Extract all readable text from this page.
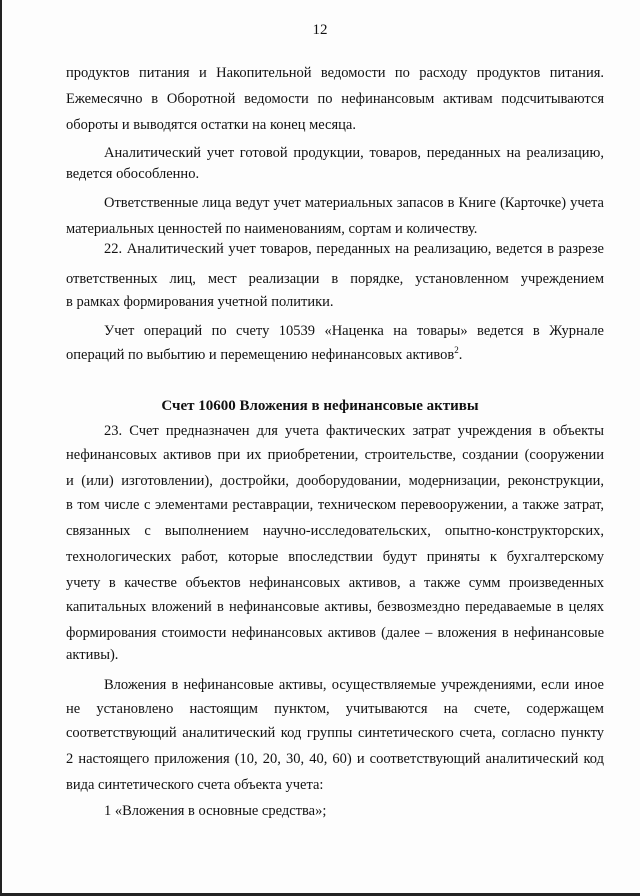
12
продуктов питания и Накопительной ведомости по расходу продуктов питания.
Ежемесячно в Оборотной ведомости по нефинансовым активам подсчитываются
обороты и выводятся остатки на конец месяца.
Аналитический учет готовой продукции, товаров, переданных на реализацию,
ведется обособленно.
Ответственные лица ведут учет материальных запасов в Книге (Карточке) учета
материальных ценностей по наименованиям, сортам и количеству.
22. Аналитический учет товаров, переданных на реализацию, ведется в разрезе
ответственных лиц, мест реализации в порядке, установленном учреждением
в рамках формирования учетной политики.
Учет операций по счету 10539 «Наценка на товары» ведется в Журнале
операций по выбытию и перемещению нефинансовых активов$^2$.
Счет 10600 Вложения в нефинансовые активы
23. Счет предназначен для учета фактических затрат учреждения в объекты
нефинансовых активов при их приобретении, строительстве, создании (сооружении
и (или) изготовлении), достройки, дооборудовании, модернизации, реконструкции,
в том числе с элементами реставрации, техническом перевооружении, а также затрат,
связанных с выполнением научно-исследовательских, опытно-конструкторских,
технологических работ, которые впоследствии будут приняты к бухгалтерскому
учету в качестве объектов нефинансовых активов, а также сумм произведенных
капитальных вложений в нефинансовые активы, безвозмездно передаваемые в целях
формирования стоимости нефинансовых активов (далее – вложения в нефинансовые
активы).
Вложения в нефинансовые активы, осуществляемые учреждениями, если иное
не установлено настоящим пунктом, учитываются на счете, содержащем
соответствующий аналитический код группы синтетического счета, согласно пункту
2 настоящего приложения (10, 20, 30, 40, 60) и соответствующий аналитический код
вида синтетического счета объекта учета:
1 «Вложения в основные средства»;
